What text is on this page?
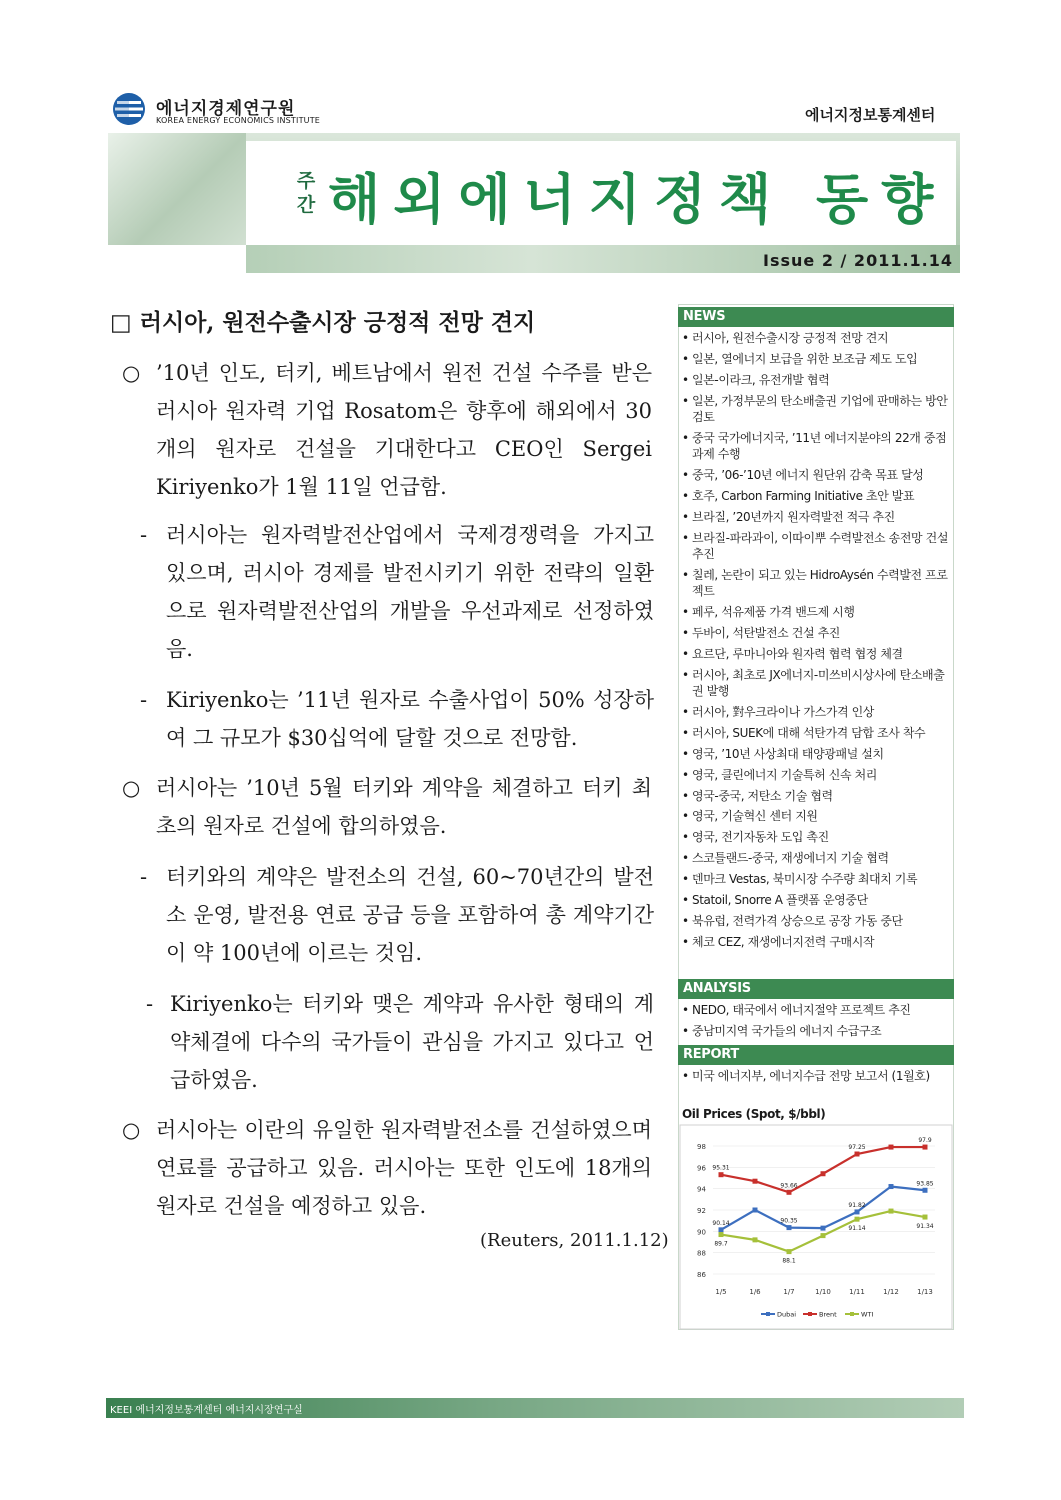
에너지경제연구원
KOREA ENERGY ECONOMICS INSTITUTE	에너지정보통계센터
주간 해외에너지정책 동향
Issue 2 / 2011.1.14
□ 러시아, 원전수출시장 긍정적 전망 견지
○ ’10년 인도, 터키, 베트남에서 원전 건설 수주를 받은 러시아 원자력 기업 Rosatom은 향후에 해외에서 30개의 원자로 건설을 기대한다고 CEO인 Sergei Kiriyenko가 1월 11일 언급함.
- 러시아는 원자력발전산업에서 국제경쟁력을 가지고 있으며, 러시아 경제를 발전시키기 위한 전략의 일환으로 원자력발전산업의 개발을 우선과제로 선정하였음.
- Kiriyenko는 ’11년 원자로 수출사업이 50% 성장하여 그 규모가 $30십억에 달할 것으로 전망함.
○ 러시아는 ’10년 5월 터키와 계약을 체결하고 터키 최초의 원자로 건설에 합의하였음.
- 터키와의 계약은 발전소의 건설, 60~70년간의 발전소 운영, 발전용 연료 공급 등을 포함하여 총 계약기간이 약 100년에 이르는 것임.
- Kiriyenko는 터키와 맺은 계약과 유사한 형태의 계약체결에 다수의 국가들이 관심을 가지고 있다고 언급하였음.
○ 러시아는 이란의 유일한 원자력발전소를 건설하였으며 연료를 공급하고 있음. 러시아는 또한 인도에 18개의 원자로 건설을 예정하고 있음.
(Reuters, 2011.1.12)
NEWS
• 러시아, 원전수출시장 긍정적 전망 견지
• 일본, 열에너지 보급을 위한 보조금 제도 도입
• 일본-이라크, 유전개발 협력
• 일본, 가정부문의 탄소배출권 기업에 판매하는 방안 검토
• 중국 국가에너지국, ’11년 에너지분야의 22개 중점 과제 수행
• 중국, ’06-’10년 에너지 원단위 감축 목표 달성
• 호주, Carbon Farming Initiative 초안 발표
• 브라질, ’20년까지 원자력발전 적극 추진
• 브라질-파라과이, 이따이뿌 수력발전소 송전망 건설 추진
• 칠레, 논란이 되고 있는 HidroAysén 수력발전 프로젝트
• 페루, 석유제품 가격 밴드제 시행
• 두바이, 석탄발전소 건설 추진
• 요르단, 루마니아와 원자력 협력 협정 체결
• 러시아, 최초로 JX에너지-미쓰비시상사에 탄소배출권 발행
• 러시아, 對우크라이나 가스가격 인상
• 러시아, SUEK에 대해 석탄가격 담합 조사 착수
• 영국, ’10년 사상최대 태양광패널 설치
• 영국, 클린에너지 기술특허 신속 처리
• 영국-중국, 저탄소 기술 협력
• 영국, 기술혁신 센터 지원
• 영국, 전기자동차 도입 촉진
• 스코틀랜드-중국, 재생에너지 기술 협력
• 덴마크 Vestas, 북미시장 수주량 최대치 기록
• Statoil, Snorre A 플랫폼 운영중단
• 북유럽, 전력가격 상승으로 공장 가동 중단
• 체코 CEZ, 재생에너지전력 구매시작
ANALYSIS
• NEDO, 태국에서 에너지절약 프로젝트 추진
• 중남미지역 국가들의 에너지 수급구조
REPORT
• 미국 에너지부, 에너지수급 전망 보고서 (1월호)
Oil Prices (Spot, $/bbl)
86
88
90
92
94
96
98
1/5	1/6	1/7	1/10	1/11	1/12	1/13
95.31
93.66
97.25
97.9
93.85
91.82
90.35
90.14
89.7
88.1
91.14	91.34
Dubai	Brent	WTI
KEEI 에너지정보통계센터 에너지시장연구실
